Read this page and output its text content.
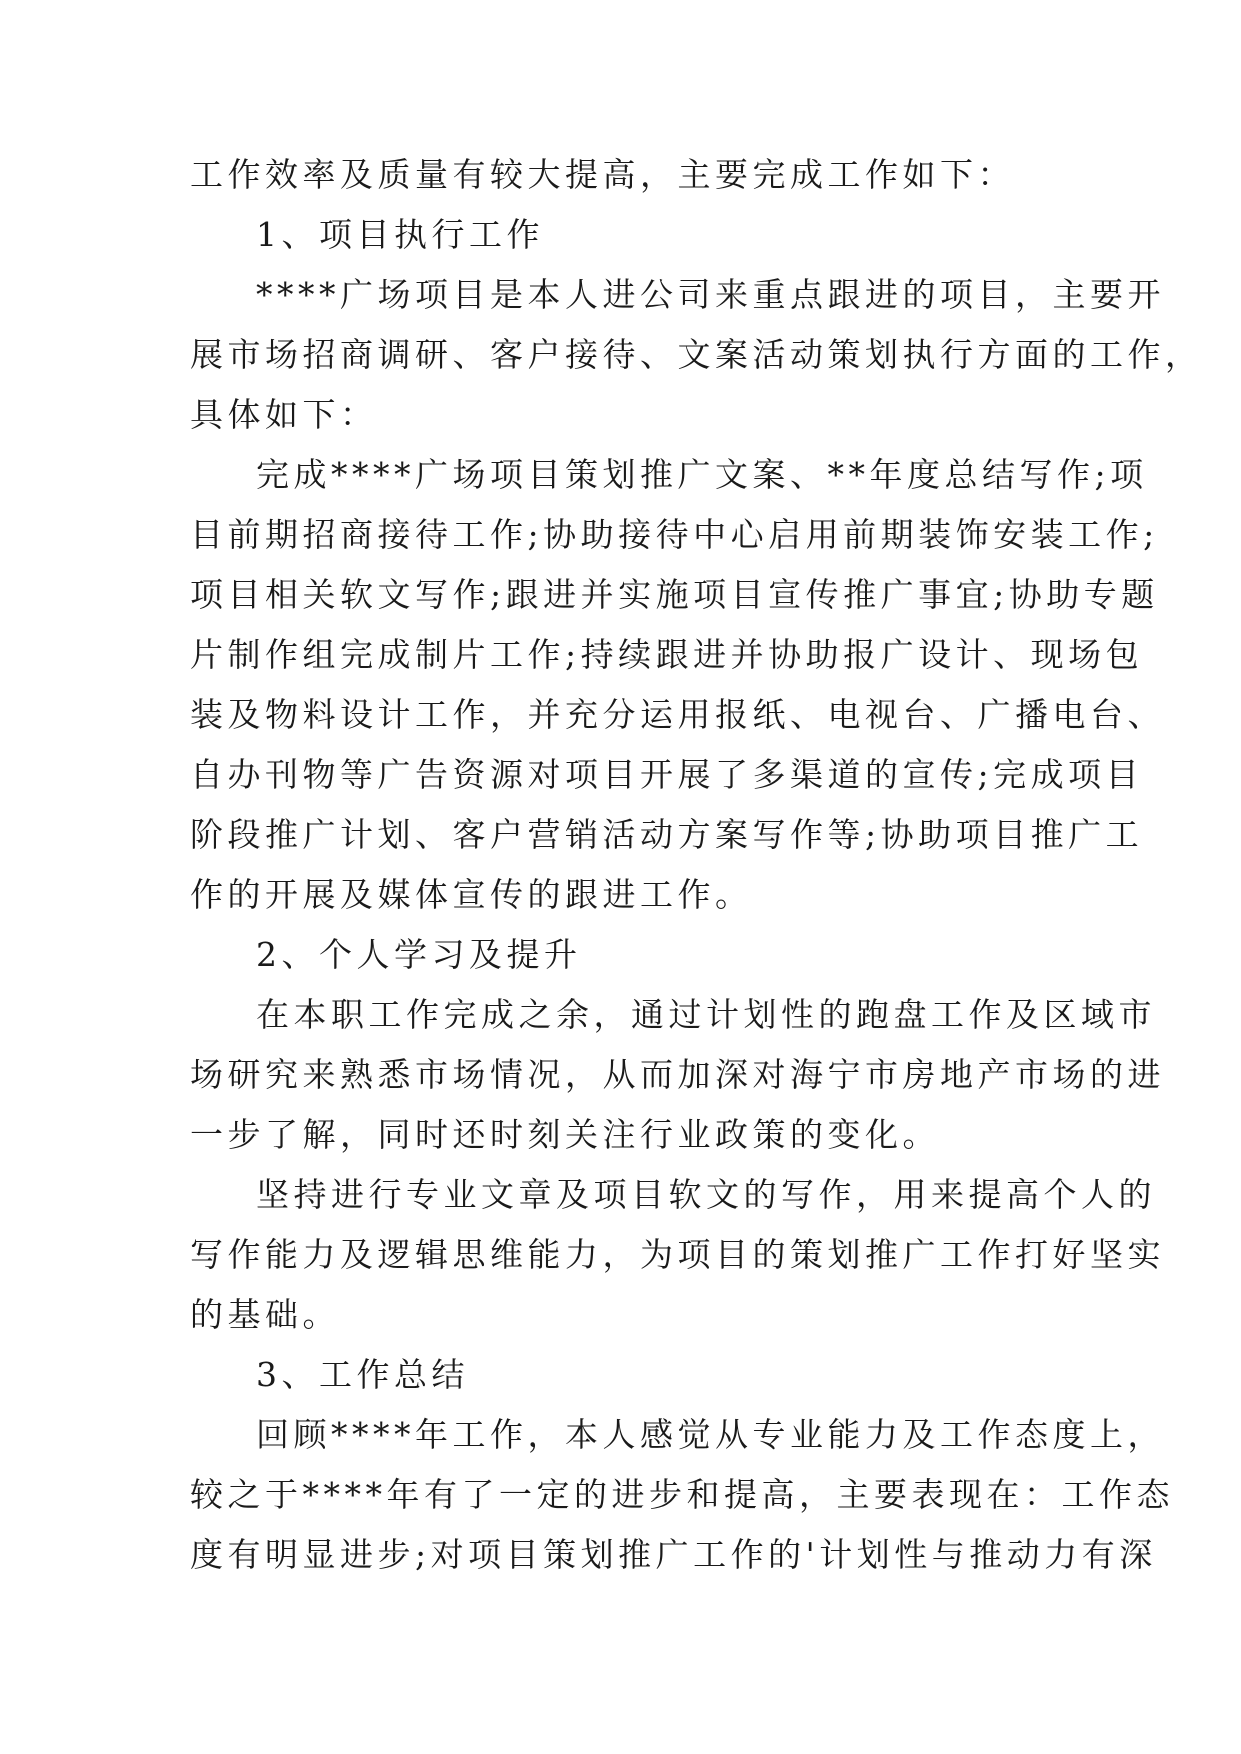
工作效率及质量有较大提高，主要完成工作如下：
1、项目执行工作
****广场项目是本人进公司来重点跟进的项目，主要开
展市场招商调研、客户接待、文案活动策划执行方面的工作，
具体如下：
完成****广场项目策划推广文案、**年度总结写作;项
目前期招商接待工作;协助接待中心启用前期装饰安装工作;
项目相关软文写作;跟进并实施项目宣传推广事宜;协助专题
片制作组完成制片工作;持续跟进并协助报广设计、现场包
装及物料设计工作，并充分运用报纸、电视台、广播电台、
自办刊物等广告资源对项目开展了多渠道的宣传;完成项目
阶段推广计划、客户营销活动方案写作等;协助项目推广工
作的开展及媒体宣传的跟进工作。
2、个人学习及提升
在本职工作完成之余，通过计划性的跑盘工作及区域市
场研究来熟悉市场情况，从而加深对海宁市房地产市场的进
一步了解，同时还时刻关注行业政策的变化。
坚持进行专业文章及项目软文的写作，用来提高个人的
写作能力及逻辑思维能力，为项目的策划推广工作打好坚实
的基础。
3、工作总结
回顾****年工作，本人感觉从专业能力及工作态度上，
较之于****年有了一定的进步和提高，主要表现在：工作态
度有明显进步;对项目策划推广工作的'计划性与推动力有深
